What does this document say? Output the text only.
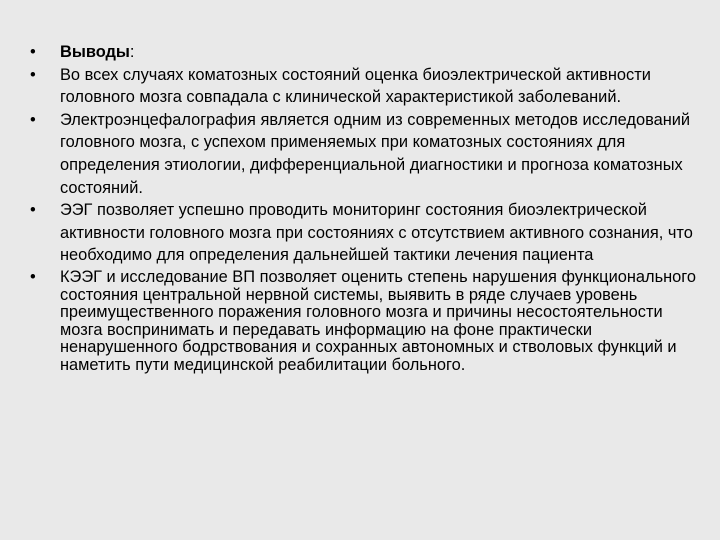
•	Выводы:
•	Во всех случаях коматозных состояний оценка биоэлектрической активности головного мозга совпадала с клинической характеристикой заболеваний.
•	Электроэнцефалография является одним из современных методов исследований головного мозга, с успехом применяемых при коматозных состояниях для определения этиологии, дифференциальной диагностики и прогноза коматозных состояний.
•	ЭЭГ позволяет успешно проводить мониторинг состояния биоэлектрической активности головного мозга при состояниях с отсутствием активного сознания, что необходимо для определения дальнейшей тактики лечения пациента
•	КЭЭГ и исследование ВП позволяет оценить степень нарушения функционального состояния центральной нервной системы, выявить в ряде случаев уровень преимущественного поражения головного мозга и причины несостоятельности мозга воспринимать и передавать информацию на фоне практически ненарушенного бодрствования и сохранных автономных и стволовых функций и наметить пути медицинской реабилитации больного.
